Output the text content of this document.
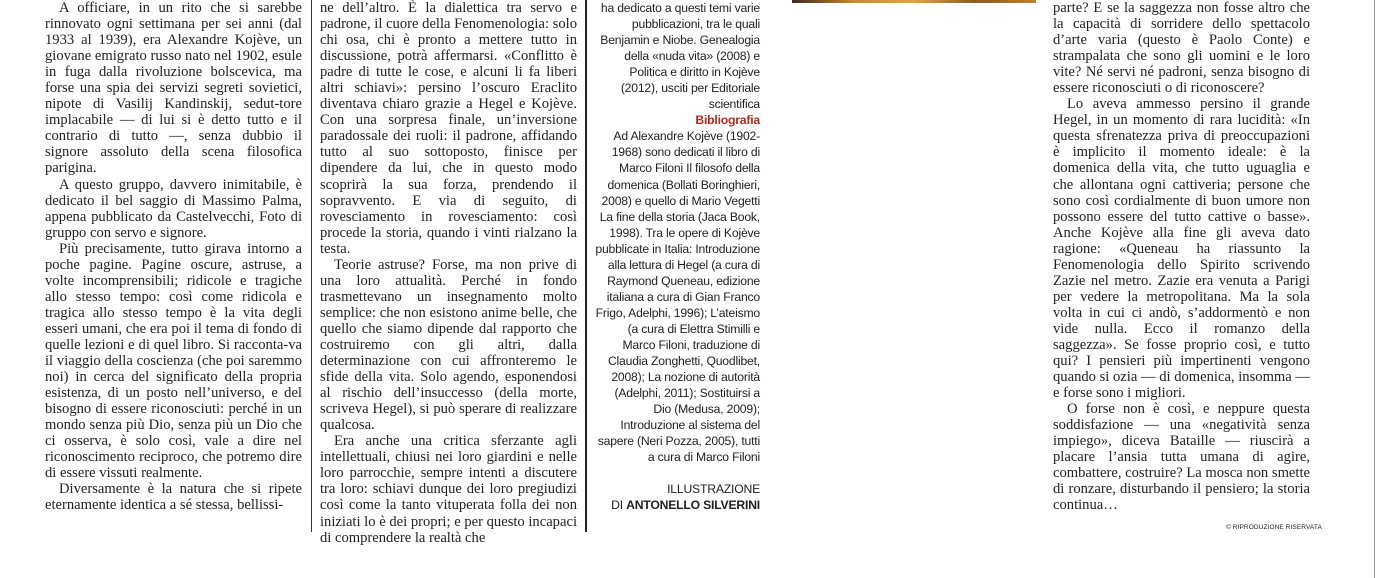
A officiare, in un rito che si sarebbe rinnovato ogni settimana per sei anni (dal 1933 al 1939), era Alexandre Kojève, un giovane emigrato russo nato nel 1902, esule in fuga dalla rivoluzione bolscevica, ma forse una spia dei servizi segreti sovietici, nipote di Vasilij Kandinskij, sedut-tore implacabile — di lui si è detto tutto e il contrario di tutto —, senza dubbio il signore assoluto della scena filosofica parigina.

A questo gruppo, davvero inimitabile, è dedicato il bel saggio di Massimo Palma, appena pubblicato da Castelvecchi, Foto di gruppo con servo e signore.

Più precisamente, tutto girava intorno a poche pagine. Pagine oscure, astruse, a volte incomprensibili; ridicole e tragiche allo stesso tempo: così come ridicola e tragica allo stesso tempo è la vita degli esseri umani, che era poi il tema di fondo di quelle lezioni e di quel libro. Si racconta-va il viaggio della coscienza (che poi saremmo noi) in cerca del significato della propria esistenza, di un posto nell’universo, e del bisogno di essere riconosciuti: perché in un mondo senza più Dio, senza più un Dio che ci osserva, è solo così, vale a dire nel riconoscimento reciproco, che potremo dire di essere vissuti realmente.

Diversamente è la natura che si ripete eternamente identica a sé stessa, bellissi-

ne dell’altro. È la dialettica tra servo e padrone, il cuore della Fenomenologia: solo chi osa, chi è pronto a mettere tutto in discussione, potrà affermarsi. «Conflitto è padre di tutte le cose, e alcuni li fa liberi altri schiavi»: persino l’oscuro Eraclito diventava chiaro grazie a Hegel e Kojève. Con una sorpresa finale, un’inversione paradossale dei ruoli: il padrone, affidando tutto al suo sottoposto, finisce per dipendere da lui, che in questo modo scoprirà la sua forza, prendendo il sopravvento. E via di seguito, di rovesciamento in rovesciamento: così procede la storia, quando i vinti rialzano la testa.

Teorie astruse? Forse, ma non prive di una loro attualità. Perché in fondo trasmettevano un insegnamento molto semplice: che non esistono anime belle, che quello che siamo dipende dal rapporto che costruiremo con gli altri, dalla determinazione con cui affronteremo le sfide della vita. Solo agendo, esponendosi al rischio dell’insuccesso (della morte, scriveva Hegel), si può sperare di realizzare qualcosa.

Era anche una critica sferzante agli intellettuali, chiusi nei loro giardini e nelle loro parrocchie, sempre intenti a discutere tra loro: schiavi dunque dei loro pregiudizi così come la tanto vituperata folla dei non iniziati lo è dei propri; e per questo incapaci di comprendere la realtà che

ha dedicato a questi temi varie pubblicazioni, tra le quali Benjamin e Niobe. Genealogia della «nuda vita» (2008) e Politica e diritto in Kojève (2012), usciti per Editoriale scientifica

Bibliografia

Ad Alexandre Kojève (1902-1968) sono dedicati il libro di Marco Filoni Il filosofo della domenica (Bollati Boringhieri, 2008) e quello di Mario Vegetti La fine della storia (Jaca Book, 1998). Tra le opere di Kojève pubblicate in Italia: Introduzione alla lettura di Hegel (a cura di Raymond Queneau, edizione italiana a cura di Gian Franco Frigo, Adelphi, 1996); L’ateismo (a cura di Elettra Stimilli e Marco Filoni, traduzione di Claudia Zonghetti, Quodlibet, 2008); La nozione di autorità (Adelphi, 2011); Sostituirsi a Dio (Medusa, 2009); Introduzione al sistema del sapere (Neri Pozza, 2005), tutti a cura di Marco Filoni

ILLUSTRAZIONE

DI ANTONELLO SILVERINI

parte? E se la saggezza non fosse altro che la capacità di sorridere dello spettacolo d’arte varia (questo è Paolo Conte) e strampalata che sono gli uomini e le loro vite? Né servi né padroni, senza bisogno di essere riconosciuti o di riconoscere?

Lo aveva ammesso persino il grande Hegel, in un momento di rara lucidità: «In questa sfrenatezza priva di preoccupazioni è implicito il momento ideale: è la domenica della vita, che tutto uguaglia e che allontana ogni cattiveria; persone che sono così cordialmente di buon umore non possono essere del tutto cattive o basse». Anche Kojève alla fine gli aveva dato ragione: «Queneau ha riassunto la Fenomenologia dello Spirito scrivendo Zazie nel metro. Zazie era venuta a Parigi per vedere la metropolitana. Ma la sola volta in cui ci andò, s’addormentò e non vide nulla. Ecco il romanzo della saggezza». Se fosse proprio così, e tutto qui? I pensieri più impertinenti vengono quando si ozia — di domenica, insomma — e forse sono i migliori.

O forse non è così, e neppure questa soddisfazione — una «negatività senza impiego», diceva Bataille — riuscirà a placare l’ansia tutta umana di agire, combattere, costruire? La mosca non smette di ronzare, disturbando il pensiero; la storia continua…

© RIPRODUZIONE RISERVATA
